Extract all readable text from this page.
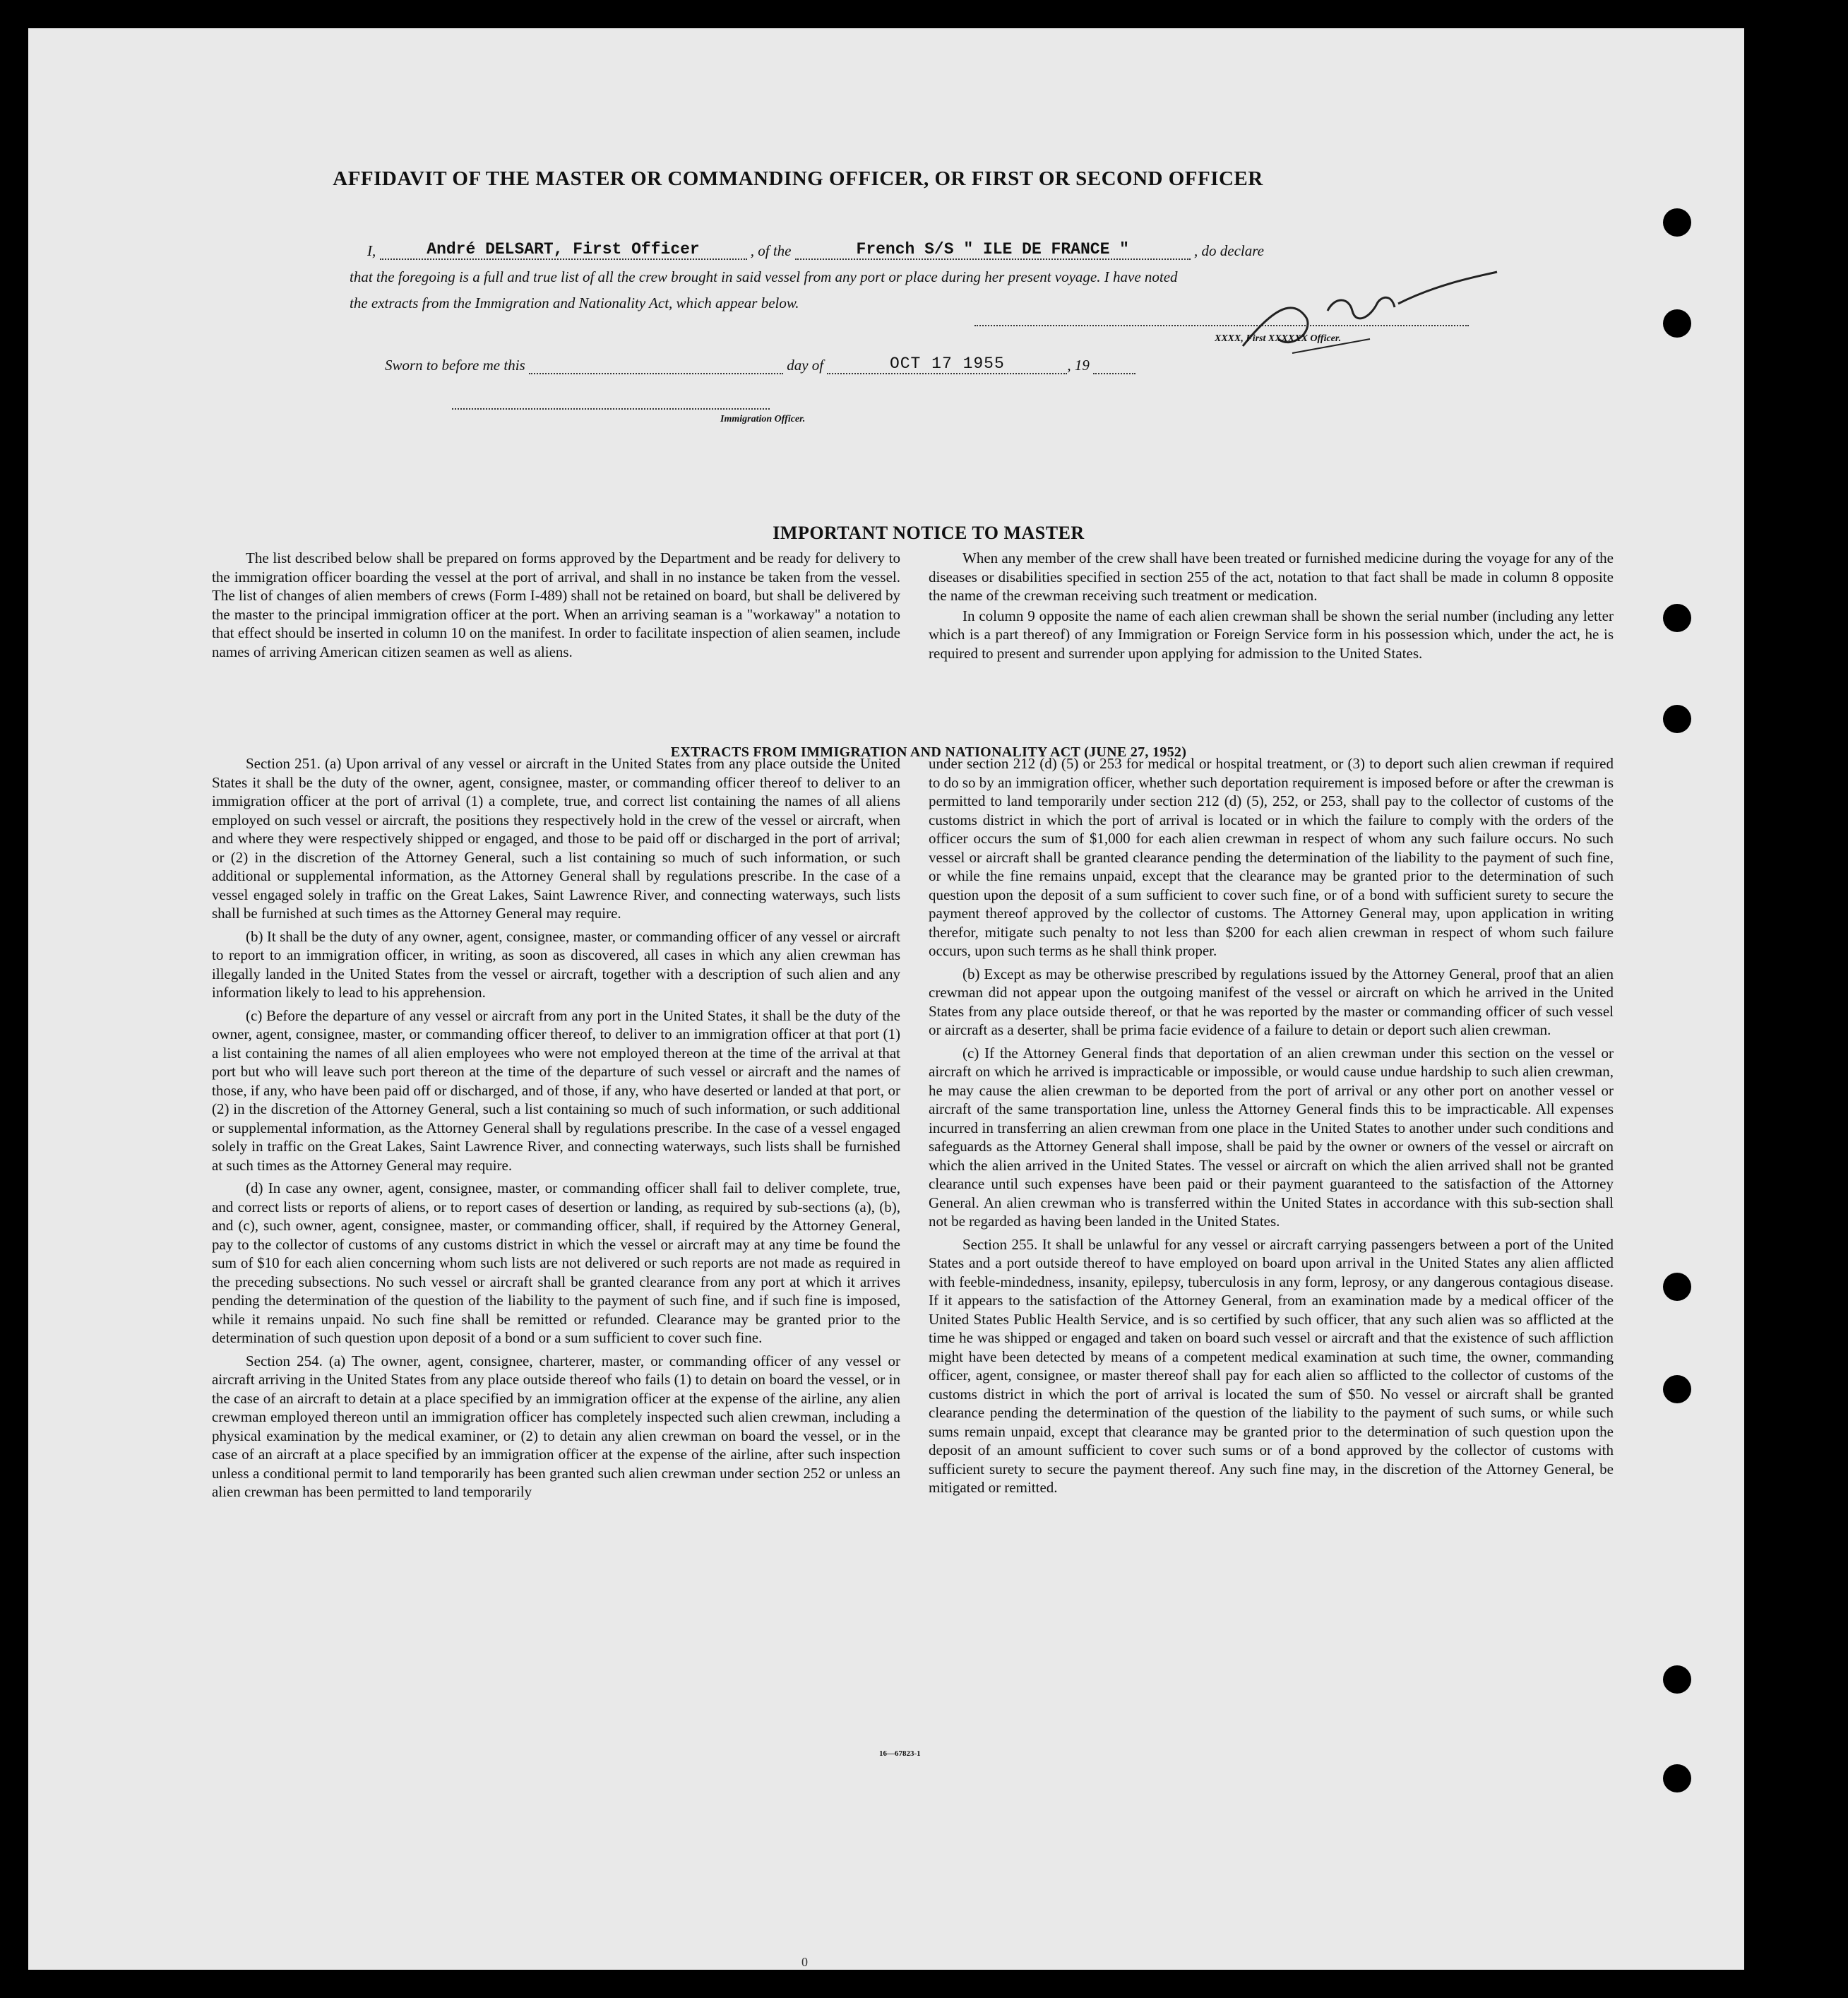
AFFIDAVIT OF THE MASTER OR COMMANDING OFFICER, OR FIRST OR SECOND OFFICER
I,	André DELSART, First Officer	, of the	French S/S " ILE DE FRANCE "	, do declare
that the foregoing is a full and true list of all the crew brought in said vessel from any port or place during her present voyage. I have noted
the extracts from the Immigration and Nationality Act, which appear below.
XXXX, First XXXXXX Officer.
Sworn to before me this	day of	OCT 17 1955	, 19
Immigration Officer.
IMPORTANT NOTICE TO MASTER

The list described below shall be prepared on forms approved by the Department and be ready for delivery to the immigration officer boarding the vessel at the port of arrival, and shall in no instance be taken from the vessel. The list of changes of alien members of crews (Form I-489) shall not be retained on board, but shall be delivered by the master to the principal immigration officer at the port. When an arriving seaman is a "workaway" a notation to that effect should be inserted in column 10 on the manifest. In order to facilitate inspection of alien seamen, include names of arriving American citizen seamen as well as aliens.

When any member of the crew shall have been treated or furnished medicine during the voyage for any of the diseases or disabilities specified in section 255 of the act, notation to that fact shall be made in column 8 opposite the name of the crewman receiving such treatment or medication.

In column 9 opposite the name of each alien crewman shall be shown the serial number (including any letter which is a part thereof) of any Immigration or Foreign Service form in his possession which, under the act, he is required to present and surrender upon applying for admission to the United States.

EXTRACTS FROM IMMIGRATION AND NATIONALITY ACT (JUNE 27, 1952)

Section 251. (a) Upon arrival of any vessel or aircraft in the United States from any place outside the United States it shall be the duty of the owner, agent, consignee, master, or commanding officer thereof to deliver to an immigration officer at the port of arrival (1) a complete, true, and correct list containing the names of all aliens employed on such vessel or aircraft, the positions they respectively hold in the crew of the vessel or aircraft, when and where they were respectively shipped or engaged, and those to be paid off or discharged in the port of arrival; or (2) in the discretion of the Attorney General, such a list containing so much of such information, or such additional or supplemental information, as the Attorney General shall by regulations prescribe. In the case of a vessel engaged solely in traffic on the Great Lakes, Saint Lawrence River, and connecting waterways, such lists shall be furnished at such times as the Attorney General may require.

(b) It shall be the duty of any owner, agent, consignee, master, or commanding officer of any vessel or aircraft to report to an immigration officer, in writing, as soon as discovered, all cases in which any alien crewman has illegally landed in the United States from the vessel or aircraft, together with a description of such alien and any information likely to lead to his apprehension.

(c) Before the departure of any vessel or aircraft from any port in the United States, it shall be the duty of the owner, agent, consignee, master, or commanding officer thereof, to deliver to an immigration officer at that port (1) a list containing the names of all alien employees who were not employed thereon at the time of the arrival at that port but who will leave such port thereon at the time of the departure of such vessel or aircraft and the names of those, if any, who have been paid off or discharged, and of those, if any, who have deserted or landed at that port, or (2) in the discretion of the Attorney General, such a list containing so much of such information, or such additional or supplemental information, as the Attorney General shall by regulations prescribe. In the case of a vessel engaged solely in traffic on the Great Lakes, Saint Lawrence River, and connecting waterways, such lists shall be furnished at such times as the Attorney General may require.

(d) In case any owner, agent, consignee, master, or commanding officer shall fail to deliver complete, true, and correct lists or reports of aliens, or to report cases of desertion or landing, as required by sub-sections (a), (b), and (c), such owner, agent, consignee, master, or commanding officer, shall, if required by the Attorney General, pay to the collector of customs of any customs district in which the vessel or aircraft may at any time be found the sum of $10 for each alien concerning whom such lists are not delivered or such reports are not made as required in the preceding subsections. No such vessel or aircraft shall be granted clearance from any port at which it arrives pending the determination of the question of the liability to the payment of such fine, and if such fine is imposed, while it remains unpaid. No such fine shall be remitted or refunded. Clearance may be granted prior to the determination of such question upon deposit of a bond or a sum sufficient to cover such fine.

Section 254. (a) The owner, agent, consignee, charterer, master, or commanding officer of any vessel or aircraft arriving in the United States from any place outside thereof who fails (1) to detain on board the vessel, or in the case of an aircraft to detain at a place specified by an immigration officer at the expense of the airline, any alien crewman employed thereon until an immigration officer has completely inspected such alien crewman, including a physical examination by the medical examiner, or (2) to detain any alien crewman on board the vessel, or in the case of an aircraft at a place specified by an immigration officer at the expense of the airline, after such inspection unless a conditional permit to land temporarily has been granted such alien crewman under section 252 or unless an alien crewman has been permitted to land temporarily

under section 212 (d) (5) or 253 for medical or hospital treatment, or (3) to deport such alien crewman if required to do so by an immigration officer, whether such deportation requirement is imposed before or after the crewman is permitted to land temporarily under section 212 (d) (5), 252, or 253, shall pay to the collector of customs of the customs district in which the port of arrival is located or in which the failure to comply with the orders of the officer occurs the sum of $1,000 for each alien crewman in respect of whom any such failure occurs. No such vessel or aircraft shall be granted clearance pending the determination of the liability to the payment of such fine, or while the fine remains unpaid, except that the clearance may be granted prior to the determination of such question upon the deposit of a sum sufficient to cover such fine, or of a bond with sufficient surety to secure the payment thereof approved by the collector of customs. The Attorney General may, upon application in writing therefor, mitigate such penalty to not less than $200 for each alien crewman in respect of whom such failure occurs, upon such terms as he shall think proper.

(b) Except as may be otherwise prescribed by regulations issued by the Attorney General, proof that an alien crewman did not appear upon the outgoing manifest of the vessel or aircraft on which he arrived in the United States from any place outside thereof, or that he was reported by the master or commanding officer of such vessel or aircraft as a deserter, shall be prima facie evidence of a failure to detain or deport such alien crewman.

(c) If the Attorney General finds that deportation of an alien crewman under this section on the vessel or aircraft on which he arrived is impracticable or impossible, or would cause undue hardship to such alien crewman, he may cause the alien crewman to be deported from the port of arrival or any other port on another vessel or aircraft of the same transportation line, unless the Attorney General finds this to be impracticable. All expenses incurred in transferring an alien crewman from one place in the United States to another under such conditions and safeguards as the Attorney General shall impose, shall be paid by the owner or owners of the vessel or aircraft on which the alien arrived in the United States. The vessel or aircraft on which the alien arrived shall not be granted clearance until such expenses have been paid or their payment guaranteed to the satisfaction of the Attorney General. An alien crewman who is transferred within the United States in accordance with this sub-section shall not be regarded as having been landed in the United States.

Section 255. It shall be unlawful for any vessel or aircraft carrying passengers between a port of the United States and a port outside thereof to have employed on board upon arrival in the United States any alien afflicted with feeble-mindedness, insanity, epilepsy, tuberculosis in any form, leprosy, or any dangerous contagious disease. If it appears to the satisfaction of the Attorney General, from an examination made by a medical officer of the United States Public Health Service, and is so certified by such officer, that any such alien was so afflicted at the time he was shipped or engaged and taken on board such vessel or aircraft and that the existence of such affliction might have been detected by means of a competent medical examination at such time, the owner, commanding officer, agent, consignee, or master thereof shall pay for each alien so afflicted to the collector of customs of the customs district in which the port of arrival is located the sum of $50. No vessel or aircraft shall be granted clearance pending the determination of the question of the liability to the payment of such sums, or while such sums remain unpaid, except that clearance may be granted prior to the determination of such question upon the deposit of an amount sufficient to cover such sums or of a bond approved by the collector of customs with sufficient surety to secure the payment thereof. Any such fine may, in the discretion of the Attorney General, be mitigated or remitted.

16—67823-1
0
